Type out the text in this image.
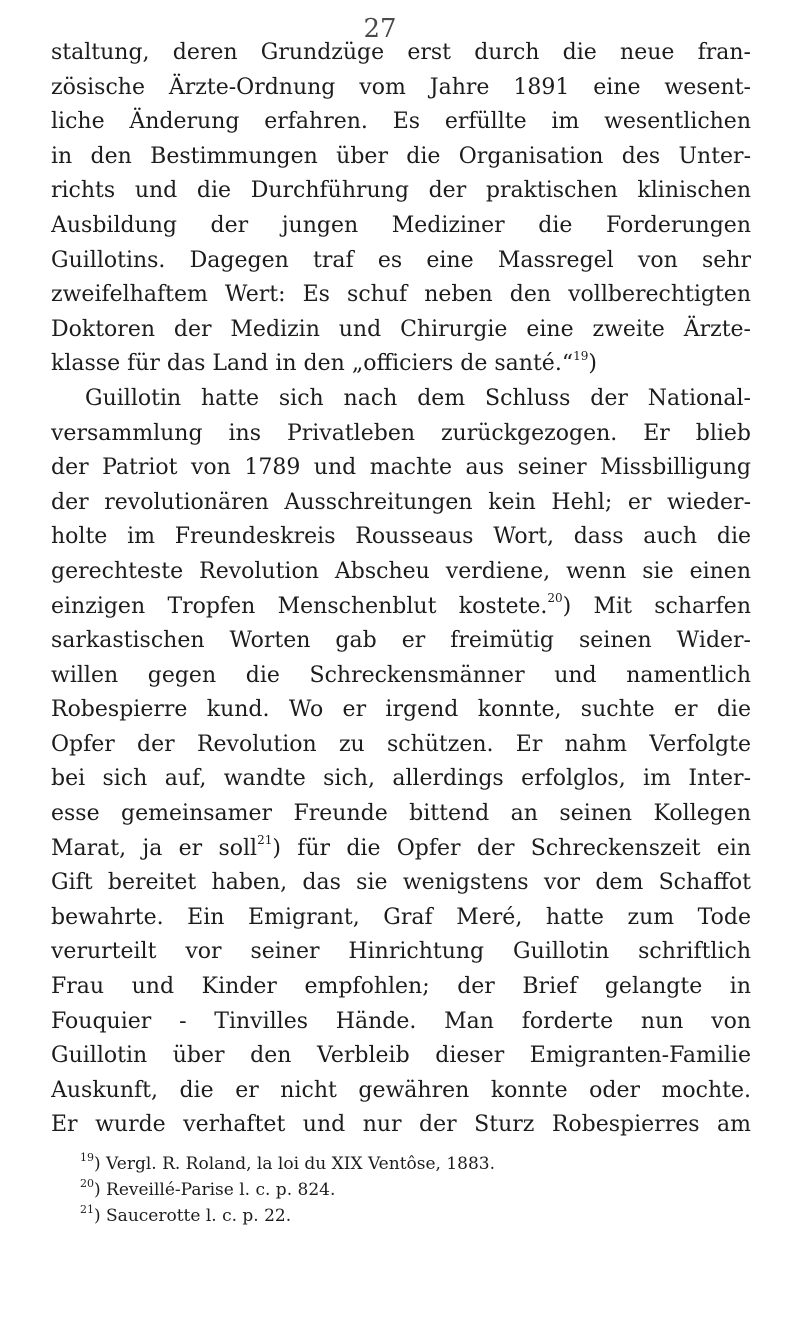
27
staltung, deren Grundzüge erst durch die neue fran-
zösische Ärzte-Ordnung vom Jahre 1891 eine wesent-
liche Änderung erfahren. Es erfüllte im wesentlichen
in den Bestimmungen über die Organisation des Unter-
richts und die Durchführung der praktischen klinischen
Ausbildung der jungen Mediziner die Forderungen
Guillotins. Dagegen traf es eine Massregel von sehr
zweifelhaftem Wert: Es schuf neben den vollberechtigten
Doktoren der Medizin und Chirurgie eine zweite Ärzte-
klasse für das Land in den „officiers de santé.“$^{19}$)
Guillotin hatte sich nach dem Schluss der National-
versammlung ins Privatleben zurückgezogen. Er blieb
der Patriot von 1789 und machte aus seiner Missbilligung
der revolutionären Ausschreitungen kein Hehl; er wieder-
holte im Freundeskreis Rousseaus Wort, dass auch die
gerechteste Revolution Abscheu verdiene, wenn sie einen
einzigen Tropfen Menschenblut kostete.$^{20}$) Mit scharfen
sarkastischen Worten gab er freimütig seinen Wider-
willen gegen die Schreckensmänner und namentlich
Robespierre kund. Wo er irgend konnte, suchte er die
Opfer der Revolution zu schützen. Er nahm Verfolgte
bei sich auf, wandte sich, allerdings erfolglos, im Inter-
esse gemeinsamer Freunde bittend an seinen Kollegen
Marat, ja er soll$^{21}$) für die Opfer der Schreckenszeit ein
Gift bereitet haben, das sie wenigstens vor dem Schaffot
bewahrte. Ein Emigrant, Graf Meré, hatte zum Tode
verurteilt vor seiner Hinrichtung Guillotin schriftlich
Frau und Kinder empfohlen; der Brief gelangte in
Fouquier - Tinvilles Hände. Man forderte nun von
Guillotin über den Verbleib dieser Emigranten-Familie
Auskunft, die er nicht gewähren konnte oder mochte.
Er wurde verhaftet und nur der Sturz Robespierres am
$^{19}$) Vergl. R. Roland, la loi du XIX Ventôse, 1883.
$^{20}$) Reveillé-Parise l. c. p. 824.
$^{21}$) Saucerotte l. c. p. 22.
